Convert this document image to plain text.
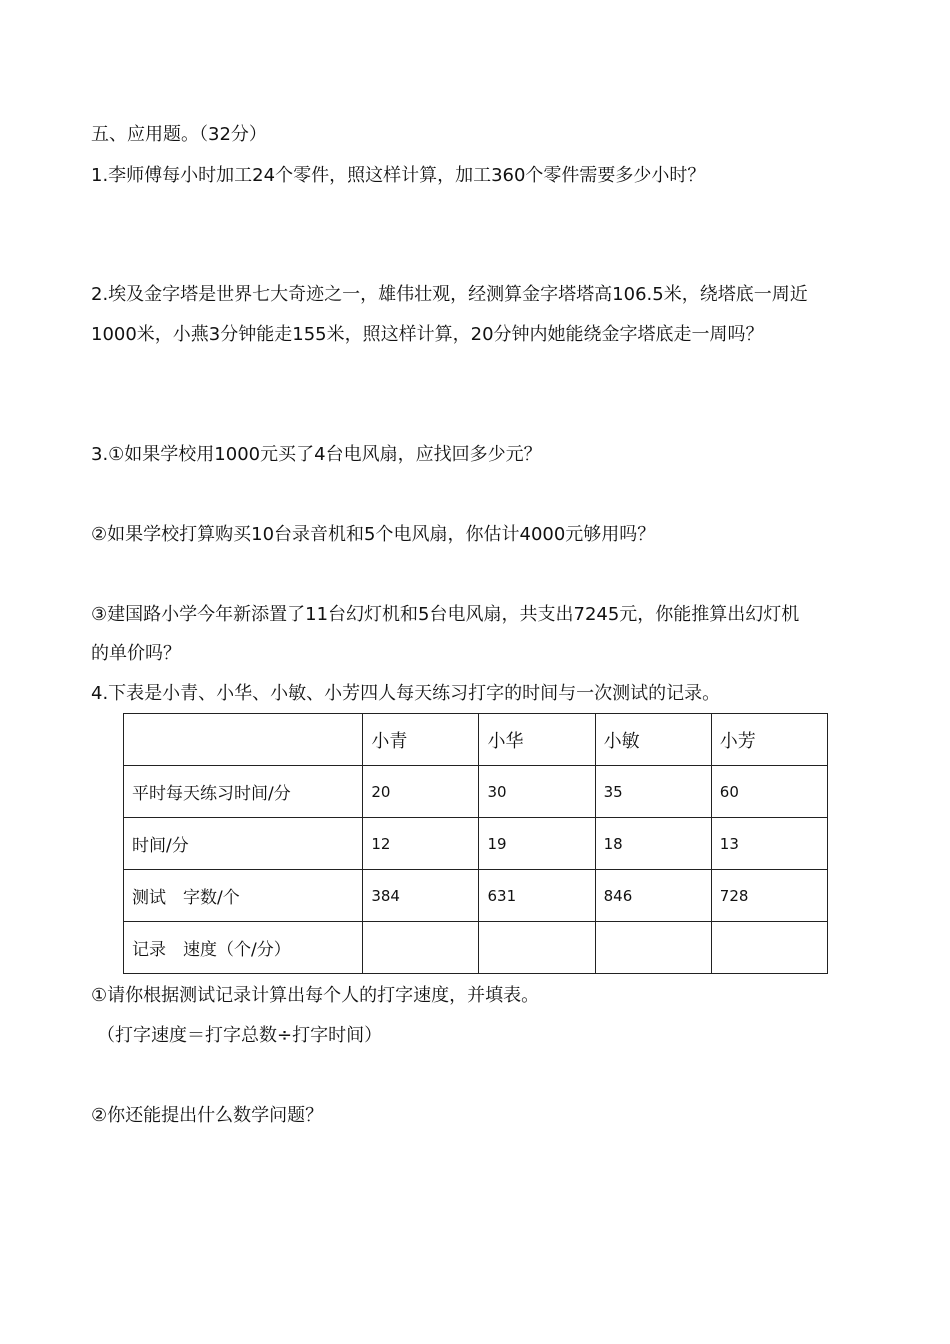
五、应用题。（32分）
1.李师傅每小时加工24个零件，照这样计算，加工360个零件需要多少小时？
2.埃及金字塔是世界七大奇迹之一，雄伟壮观，经测算金字塔塔高106.5米，绕塔底一周近
1000米，小燕3分钟能走155米，照这样计算，20分钟内她能绕金字塔底走一周吗？
3.①如果学校用1000元买了4台电风扇，应找回多少元？
②如果学校打算购买10台录音机和5个电风扇，你估计4000元够用吗？
③建国路小学今年新添置了11台幻灯机和5台电风扇，共支出7245元，你能推算出幻灯机
的单价吗？
4.下表是小青、小华、小敏、小芳四人每天练习打字的时间与一次测试的记录。
	小青	小华	小敏	小芳
平时每天练习时间/分	20	30	35	60
时间/分	12	19	18	13
测试　字数/个	384	631	846	728
记录　速度（个/分）				
①请你根据测试记录计算出每个人的打字速度，并填表。
（打字速度＝打字总数÷打字时间）
②你还能提出什么数学问题？
